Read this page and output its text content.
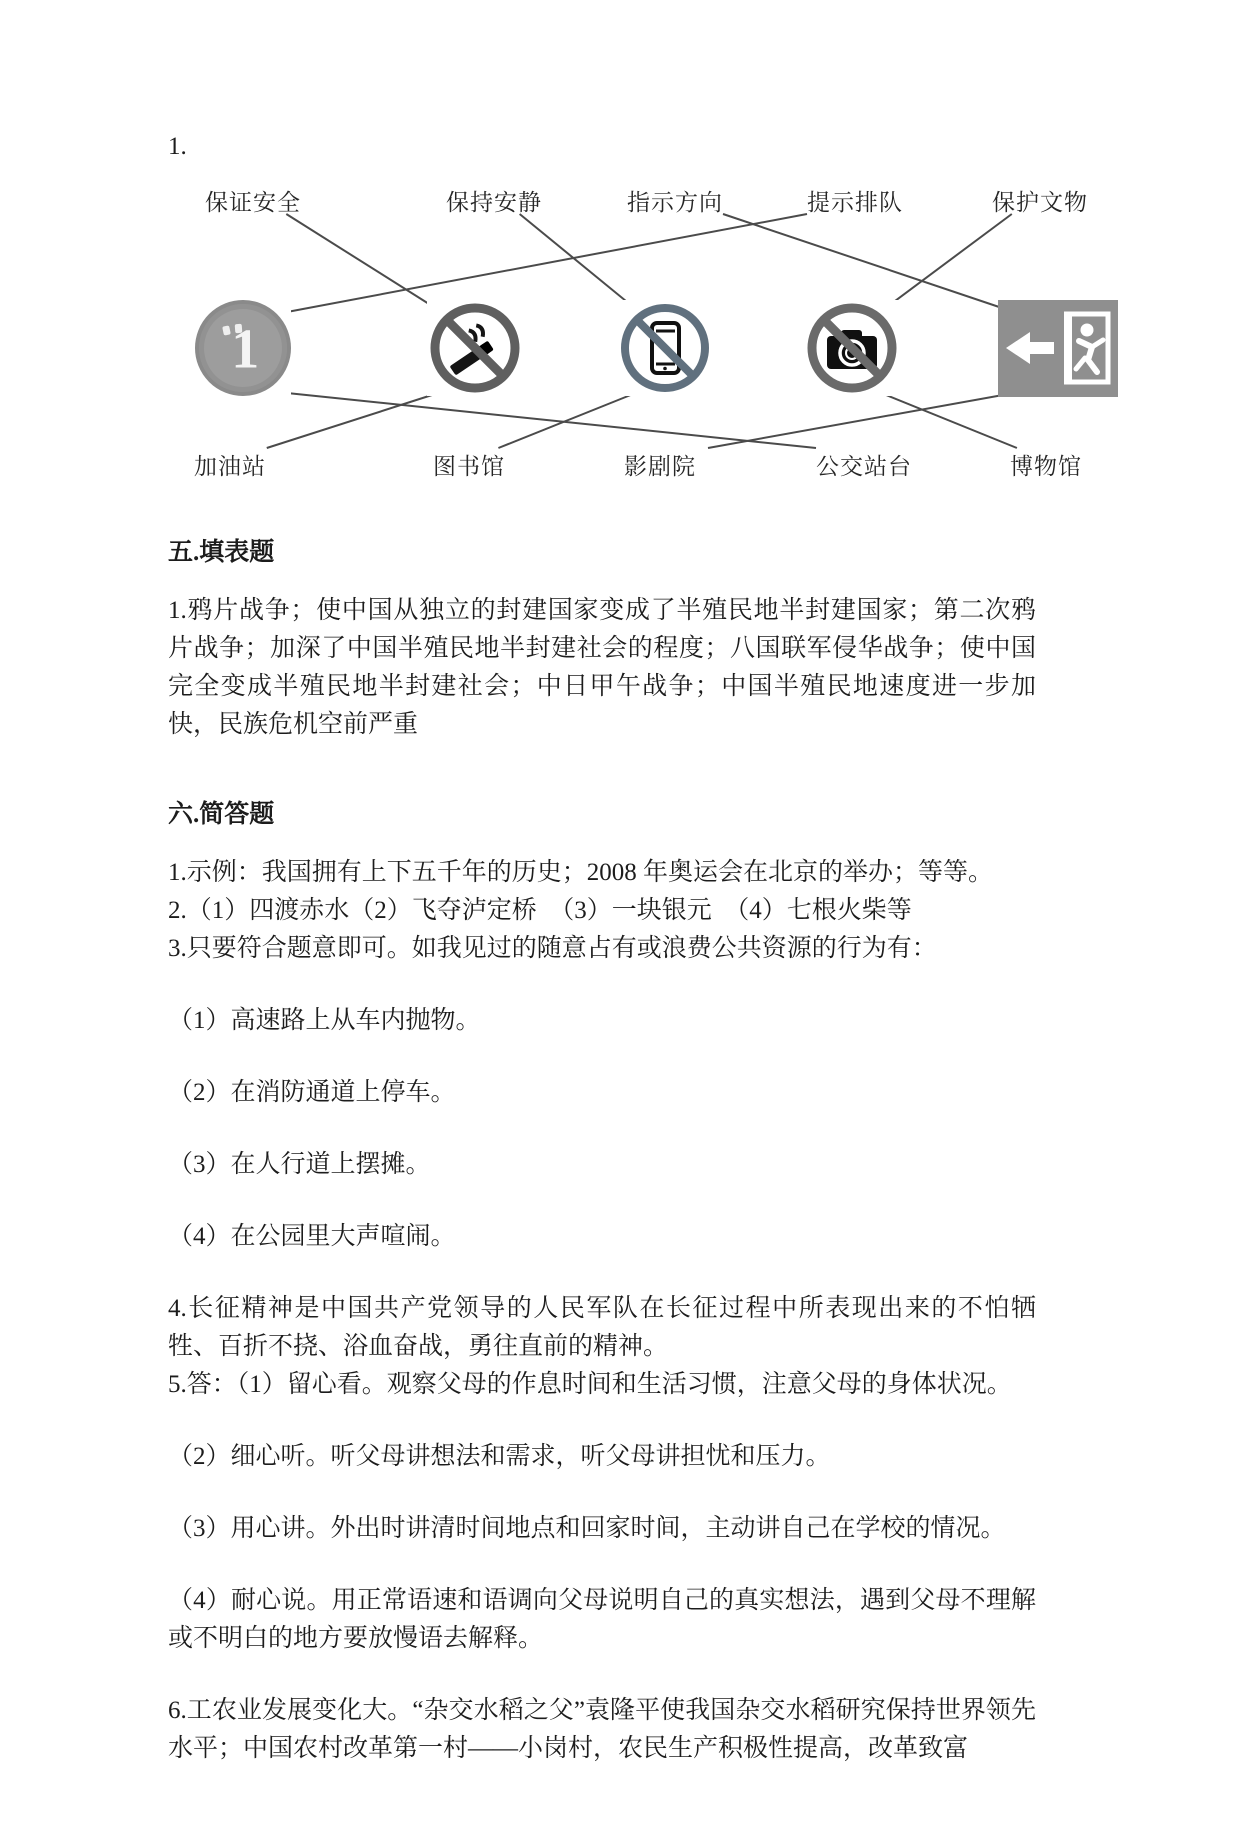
1.

保证安全	保持安静	指示方向	提示排队	保护文物
1
加油站	图书馆	影剧院	公交站台	博物馆
五.填表题

1.鸦片战争；使中国从独立的封建国家变成了半殖民地半封建国家；第二次鸦片战争；加深了中国半殖民地半封建社会的程度；八国联军侵华战争；使中国完全变成半殖民地半封建社会；中日甲午战争；中国半殖民地速度进一步加快，民族危机空前严重

六.简答题

1.示例：我国拥有上下五千年的历史；2008 年奥运会在北京的举办；等等。

2.（1）四渡赤水（2）飞夺泸定桥　（3）一块银元　（4）七根火柴等

3.只要符合题意即可。如我见过的随意占有或浪费公共资源的行为有：

（1）高速路上从车内抛物。

（2）在消防通道上停车。

（3）在人行道上摆摊。

（4）在公园里大声喧闹。

4.长征精神是中国共产党领导的人民军队在长征过程中所表现出来的不怕牺牲、百折不挠、浴血奋战，勇往直前的精神。

5.答：（1）留心看。观察父母的作息时间和生活习惯，注意父母的身体状况。

（2）细心听。听父母讲想法和需求，听父母讲担忧和压力。

（3）用心讲。外出时讲清时间地点和回家时间，主动讲自己在学校的情况。

（4）耐心说。用正常语速和语调向父母说明自己的真实想法，遇到父母不理解或不明白的地方要放慢语去解释。

6.工农业发展变化大。“杂交水稻之父”袁隆平使我国杂交水稻研究保持世界领先水平；中国农村改革第一村——小岗村，农民生产积极性提高，改革致富
